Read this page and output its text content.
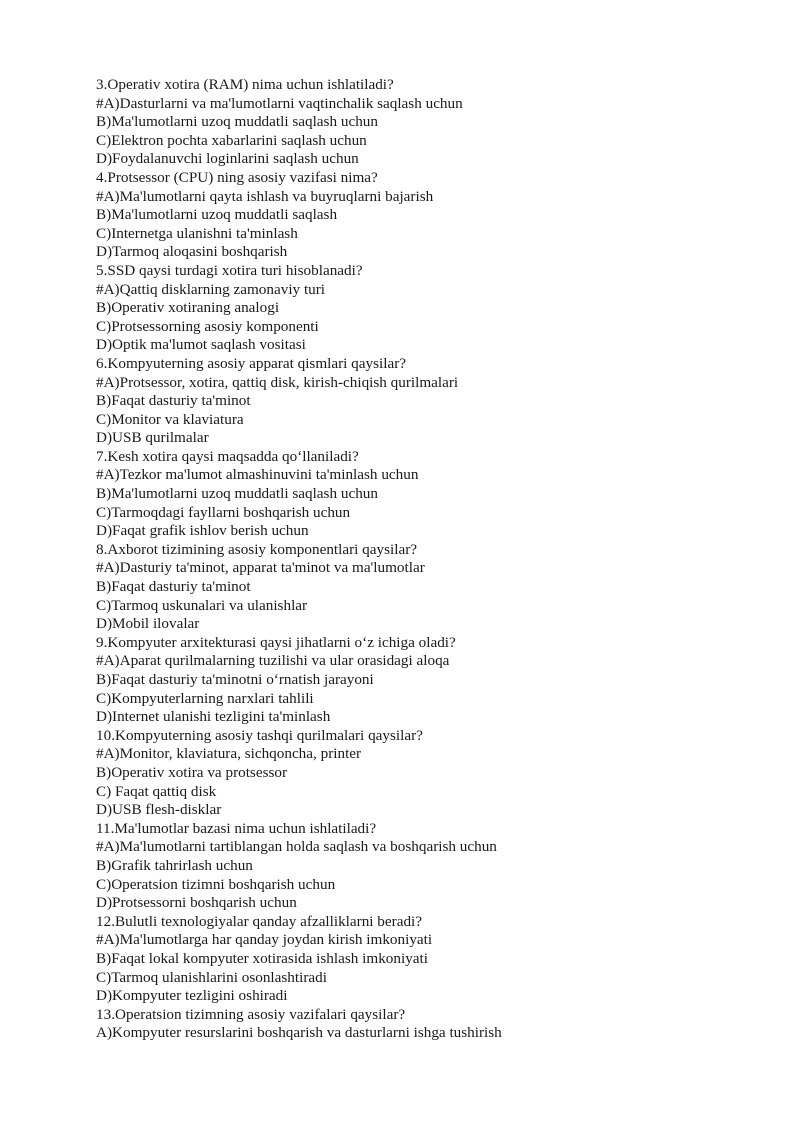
3.Operativ xotira (RAM) nima uchun ishlatiladi?
#A)Dasturlarni va ma'lumotlarni vaqtinchalik saqlash uchun
B)Ma'lumotlarni uzoq muddatli saqlash uchun
C)Elektron pochta xabarlarini saqlash uchun
D)Foydalanuvchi loginlarini saqlash uchun
4.Protsessor (CPU) ning asosiy vazifasi nima?
#A)Ma'lumotlarni qayta ishlash va buyruqlarni bajarish
B)Ma'lumotlarni uzoq muddatli saqlash
C)Internetga ulanishni ta'minlash
D)Tarmoq aloqasini boshqarish
5.SSD qaysi turdagi xotira turi hisoblanadi?
#A)Qattiq disklarning zamonaviy turi
B)Operativ xotiraning analogi
C)Protsessorning asosiy komponenti
D)Optik ma'lumot saqlash vositasi
6.Kompyuterning asosiy apparat qismlari qaysilar?
#A)Protsessor, xotira, qattiq disk, kirish-chiqish qurilmalari
B)Faqat dasturiy ta'minot
C)Monitor va klaviatura
D)USB qurilmalar
7.Kesh xotira qaysi maqsadda qo‘llaniladi?
#A)Tezkor ma'lumot almashinuvini ta'minlash uchun
B)Ma'lumotlarni uzoq muddatli saqlash uchun
C)Tarmoqdagi fayllarni boshqarish uchun
D)Faqat grafik ishlov berish uchun
8.Axborot tizimining asosiy komponentlari qaysilar?
#A)Dasturiy ta'minot, apparat ta'minot va ma'lumotlar
B)Faqat dasturiy ta'minot
C)Tarmoq uskunalari va ulanishlar
D)Mobil ilovalar
9.Kompyuter arxitekturasi qaysi jihatlarni o‘z ichiga oladi?
#A)Aparat qurilmalarning tuzilishi va ular orasidagi aloqa
B)Faqat dasturiy ta'minotni o‘rnatish jarayoni
C)Kompyuterlarning narxlari tahlili
D)Internet ulanishi tezligini ta'minlash
10.Kompyuterning asosiy tashqi qurilmalari qaysilar?
#A)Monitor, klaviatura, sichqoncha, printer
B)Operativ xotira va protsessor
C) Faqat qattiq disk
D)USB flesh-disklar
11.Ma'lumotlar bazasi nima uchun ishlatiladi?
#A)Ma'lumotlarni tartiblangan holda saqlash va boshqarish uchun
B)Grafik tahrirlash uchun
C)Operatsion tizimni boshqarish uchun
D)Protsessorni boshqarish uchun
12.Bulutli texnologiyalar qanday afzalliklarni beradi?
#A)Ma'lumotlarga har qanday joydan kirish imkoniyati
B)Faqat lokal kompyuter xotirasida ishlash imkoniyati
C)Tarmoq ulanishlarini osonlashtiradi
D)Kompyuter tezligini oshiradi
13.Operatsion tizimning asosiy vazifalari qaysilar?
A)Kompyuter resurslarini boshqarish va dasturlarni ishga tushirish
